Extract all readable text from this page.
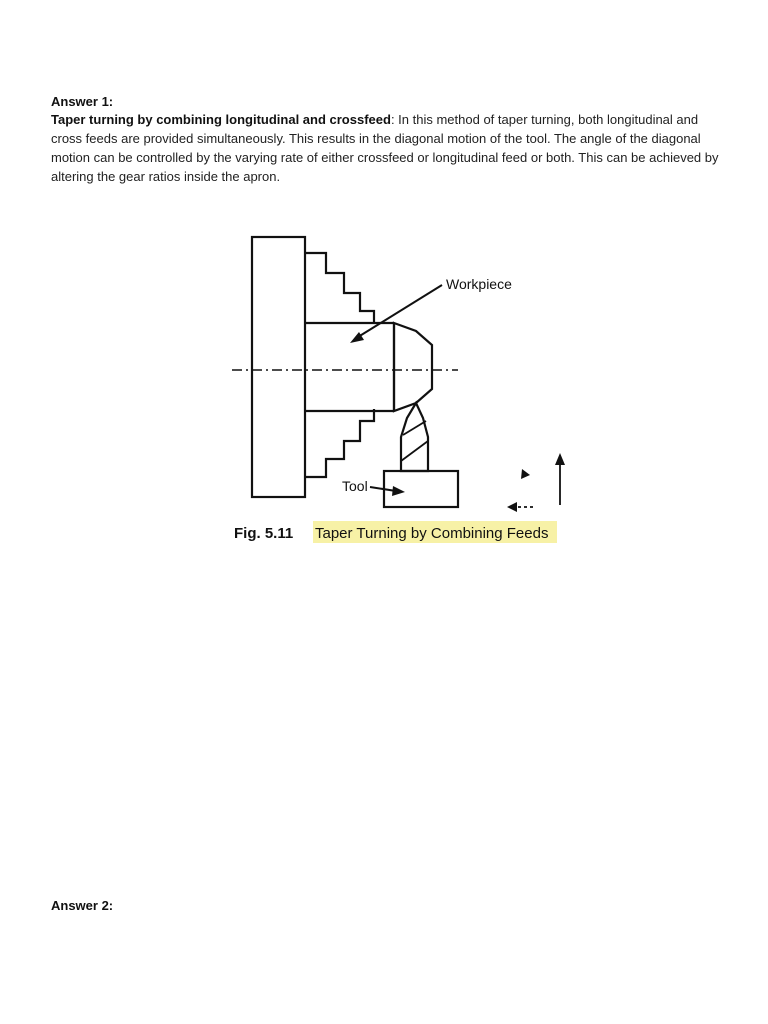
Answer 1:
Taper turning by combining longitudinal and crossfeed: In this method of taper turning, both longitudinal and cross feeds are provided simultaneously. This results in the diagonal motion of the tool. The angle of the diagonal motion can be controlled by the varying rate of either crossfeed or longitudinal feed or both. This can be achieved by altering the gear ratios inside the apron.
Workpiece
Tool
Fig. 5.11 Taper Turning by Combining Feeds
Answer 2:
